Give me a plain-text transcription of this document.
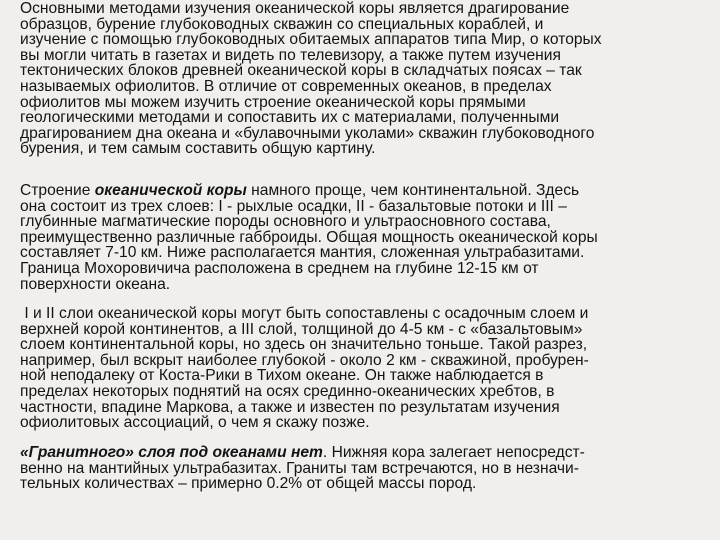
Основными методами изучения океанической коры является драгирование
образцов, бурение глубоководных скважин со специальных кораблей, и
изучение с помощью глубоководных обитаемых аппаратов типа Мир, о которых
вы могли читать в газетах и видеть по телевизору, а также путем изучения
тектонических блоков древней океанической коры в складчатых поясах – так
называемых офиолитов. В отличие от современных океанов, в пределах
офиолитов мы можем изучить строение океанической коры прямыми
геологическими методами и сопоставить их с материалами, полученными
драгированием дна океана и «булавочными уколами» скважин глубоководного
бурения, и тем самым составить общую картину.
Строение океанической коры намного проще, чем континентальной. Здесь
она состоит из трех слоев: I - рыхлые осадки, II - базальтовые потоки и III –
глубинные магматические породы основного и ультраосновного состава,
преимущественно различные габброиды. Общая мощность океанической коры
составляет 7-10 км. Ниже располагается мантия, сложенная ультрабазитами.
Граница Мохоровичича расположена в среднем на глубине 12-15 км от
поверхности океана.
I и II слои океанической коры могут быть сопоставлены с осадочным слоем и
верхней корой континентов, а III слой, толщиной до 4-5 км - с «базальтовым»
слоем континентальной коры, но здесь он значительно тоньше. Такой разрез,
например, был вскрыт наиболее глубокой - около 2 км - скважиной, пробурен-
ной неподалеку от Коста-Рики в Тихом океане. Он также наблюдается в
пределах некоторых поднятий на осях срединно-океанических хребтов, в
частности, впадине Маркова, а также и известен по результатам изучения
офиолитовых ассоциаций, о чем я скажу позже.
«Гранитного» слоя под океанами нет. Нижняя кора залегает непосредст-
венно на мантийных ультрабазитах. Граниты там встречаются, но в незначи-
тельных количествах – примерно 0.2% от общей массы пород.
